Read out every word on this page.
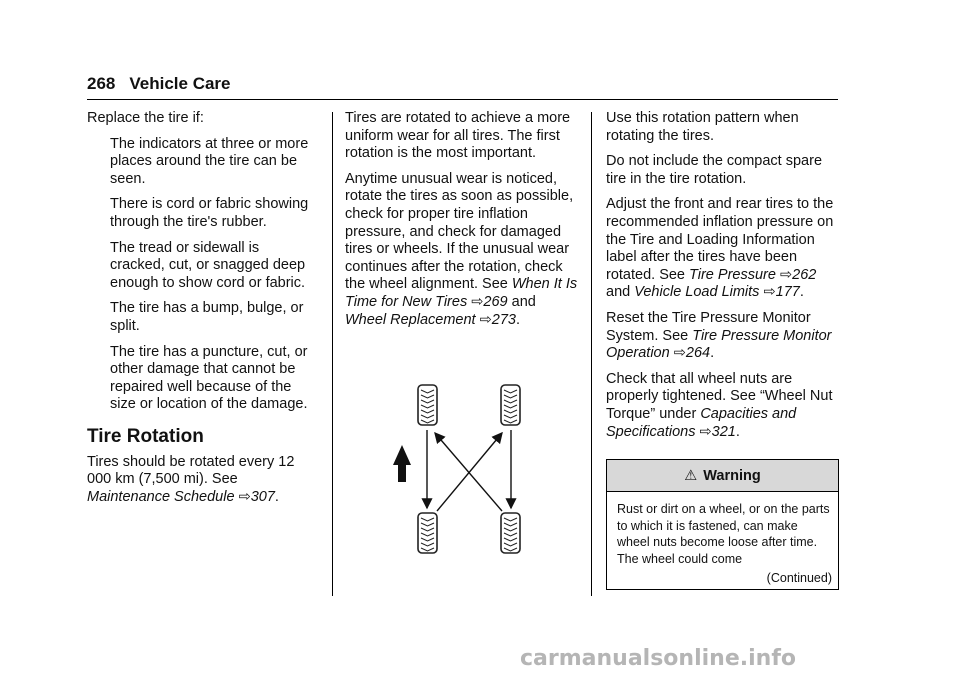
268 Vehicle Care

Replace the tire if:

The indicators at three or more places around the tire can be seen.
There is cord or fabric showing through the tire's rubber.
The tread or sidewall is cracked, cut, or snagged deep enough to show cord or fabric.
The tire has a bump, bulge, or split.
The tire has a puncture, cut, or other damage that cannot be repaired well because of the size or location of the damage.
Tire Rotation

Tires should be rotated every 12 000 km (7,500 mi). See Maintenance Schedule ⇨307.

Tires are rotated to achieve a more uniform wear for all tires. The first rotation is the most important.

Anytime unusual wear is noticed, rotate the tires as soon as possible, check for proper tire inflation pressure, and check for damaged tires or wheels. If the unusual wear continues after the rotation, check the wheel alignment. See When It Is Time for New Tires ⇨269 and Wheel Replacement ⇨273.

Use this rotation pattern when rotating the tires.

Do not include the compact spare tire in the tire rotation.

Adjust the front and rear tires to the recommended inflation pressure on the Tire and Loading Information label after the tires have been rotated. See Tire Pressure ⇨262 and Vehicle Load Limits ⇨177.

Reset the Tire Pressure Monitor System. See Tire Pressure Monitor Operation ⇨264.

Check that all wheel nuts are properly tightened. See “Wheel Nut Torque” under Capacities and Specifications ⇨321.

⚠ Warning
Rust or dirt on a wheel, or on the parts to which it is fastened, can make wheel nuts become loose after time. The wheel could come
(Continued)
carmanualsonline.info
